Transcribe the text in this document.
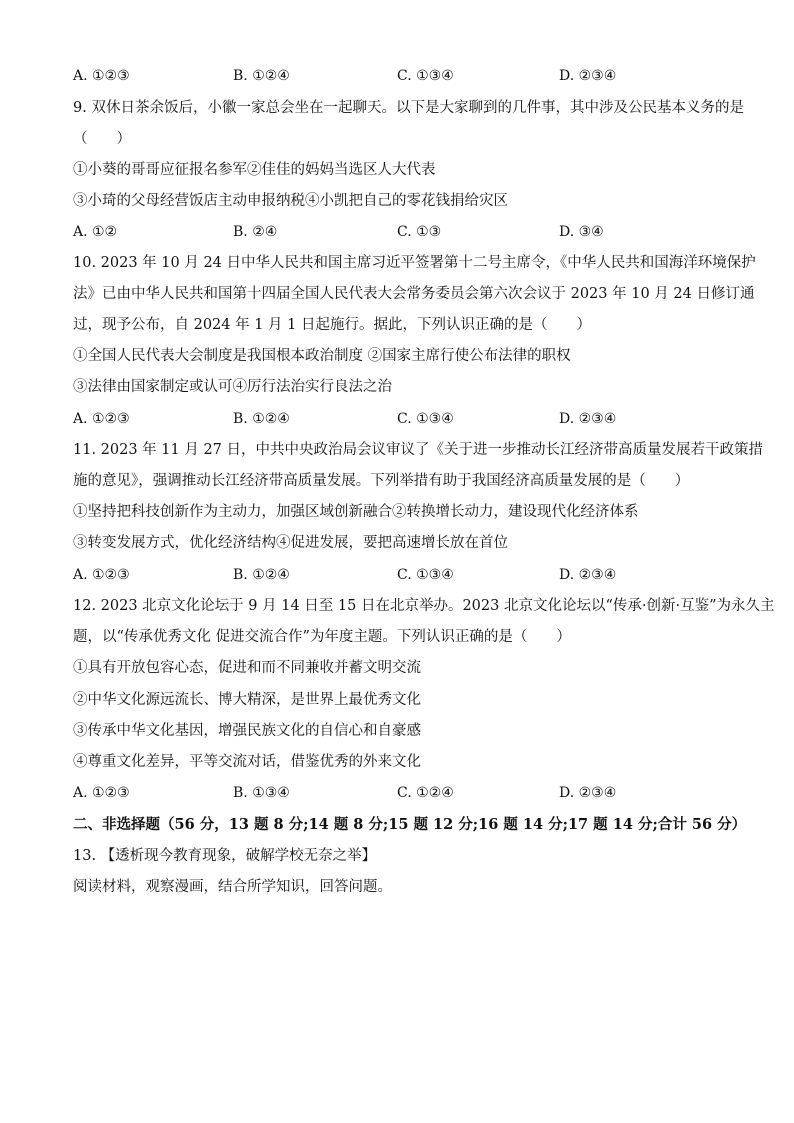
A. ①②③	B. ①②④	C. ①③④	D. ②③④
9. 双休日茶余饭后，小徽一家总会坐在一起聊天。以下是大家聊到的几件事，其中涉及公民基本义务的是
（　　）
①小葵的哥哥应征报名参军②佳佳的妈妈当选区人大代表
③小琦的父母经营饭店主动申报纳税④小凯把自己的零花钱捐给灾区
A. ①②	B. ②④	C. ①③	D. ③④
10. 2023 年 10 月 24 日中华人民共和国主席习近平签署第十二号主席令，《中华人民共和国海洋环境保护
法》已由中华人民共和国第十四届全国人民代表大会常务委员会第六次会议于 2023 年 10 月 24 日修订通
过，现予公布，自 2024 年 1 月 1 日起施行。据此，下列认识正确的是（　　）
①全国人民代表大会制度是我国根本政治制度 ②国家主席行使公布法律的职权
③法律由国家制定或认可④厉行法治实行良法之治
A. ①②③	B. ①②④	C. ①③④	D. ②③④
11. 2023 年 11 月 27 日，中共中央政治局会议审议了《关于进一步推动长江经济带高质量发展若干政策措
施的意见》，强调推动长江经济带高质量发展。下列举措有助于我国经济高质量发展的是（　　）
①坚持把科技创新作为主动力，加强区域创新融合②转换增长动力，建设现代化经济体系
③转变发展方式，优化经济结构④促进发展，要把高速增长放在首位
A. ①②③	B. ①②④	C. ①③④	D. ②③④
12. 2023 北京文化论坛于 9 月 14 日至 15 日在北京举办。2023 北京文化论坛以“传承·创新·互鉴”为永久主
题，以“传承优秀文化 促进交流合作”为年度主题。下列认识正确的是（　　）
①具有开放包容心态，促进和而不同兼收并蓄文明交流
②中华文化源远流长、博大精深，是世界上最优秀文化
③传承中华文化基因，增强民族文化的自信心和自豪感
④尊重文化差异，平等交流对话，借鉴优秀的外来文化
A. ①②③	B. ①③④	C. ①②④	D. ②③④
二、非选择题（56 分，13 题 8 分;14 题 8 分;15 题 12 分;16 题 14 分;17 题 14 分;合计 56 分）
13. 【透析现今教育现象，破解学校无奈之举】
阅读材料，观察漫画，结合所学知识，回答问题。
